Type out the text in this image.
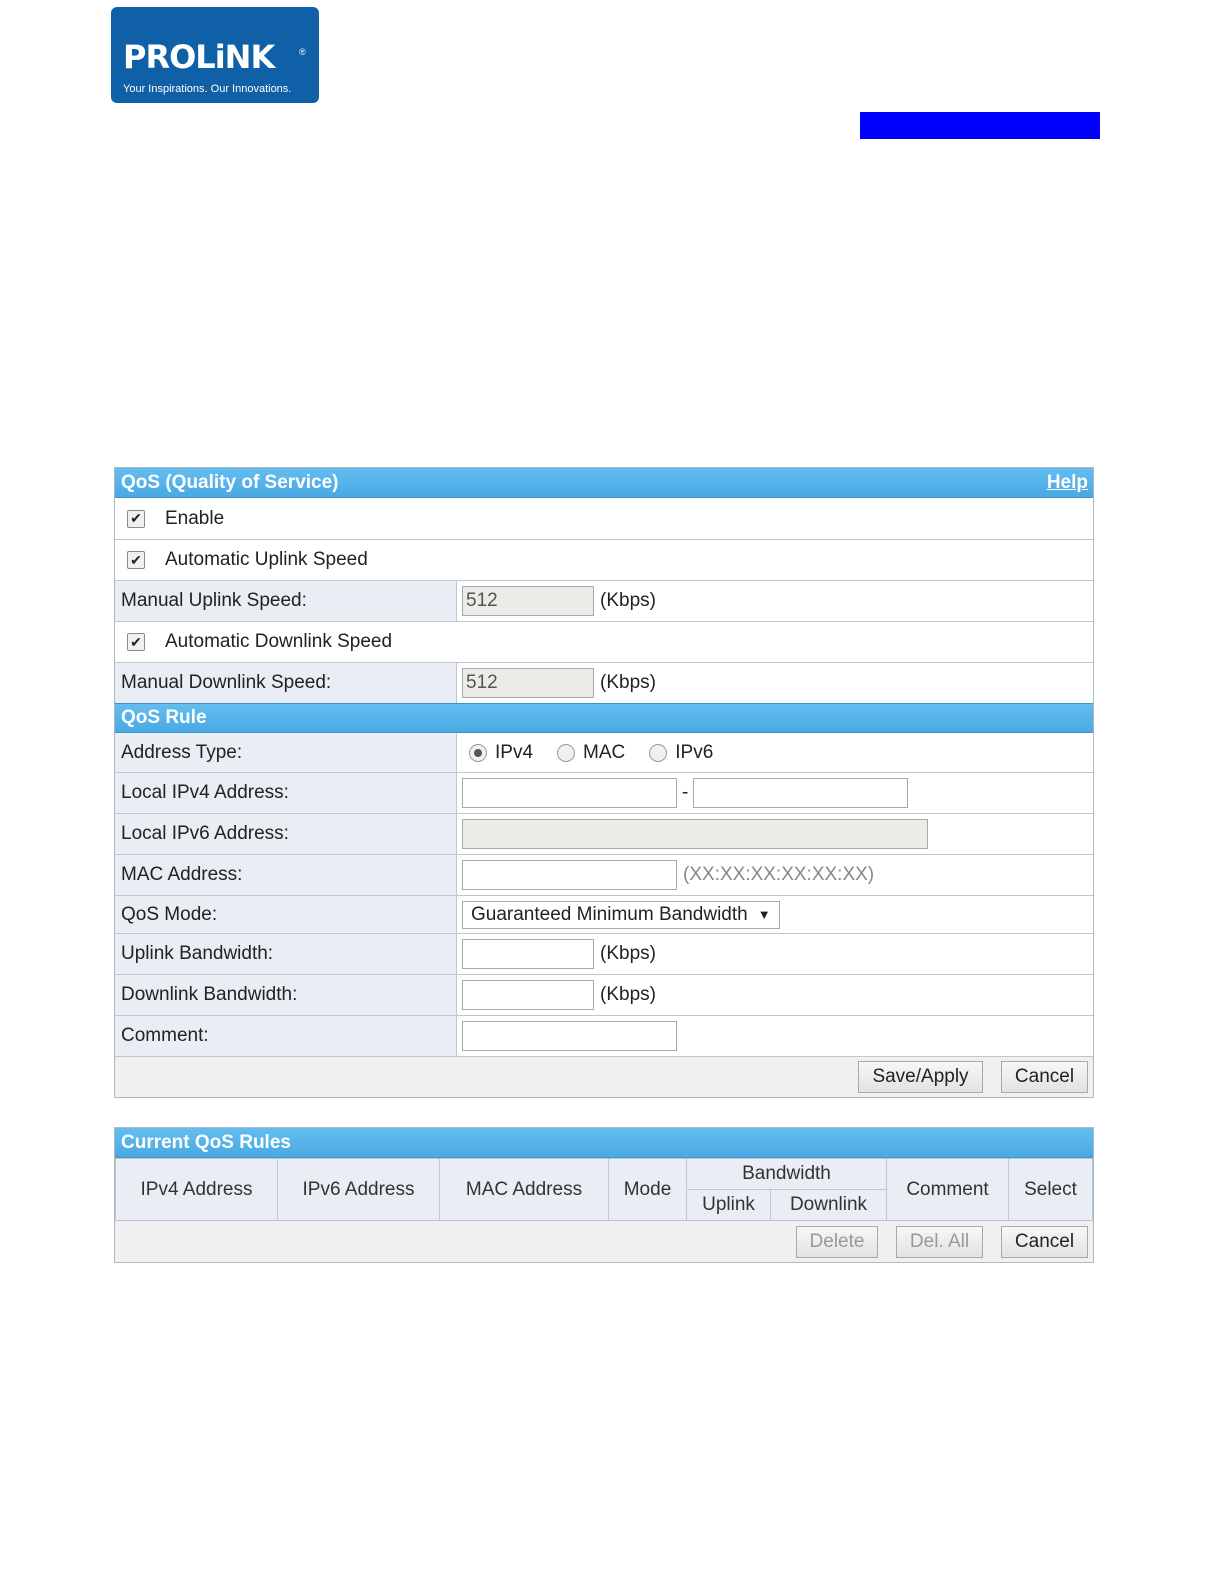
PROLiNK	®
Your Inspirations. Our Innovations.
QoS (Quality of Service)	Help
✔ Enable
✔ Automatic Uplink Speed
Manual Uplink Speed:
512	(Kbps)
✔ Automatic Downlink Speed
Manual Downlink Speed:
512	(Kbps)
QoS Rule
Address Type:	IPv4	MAC	IPv6
Local IPv4 Address:	-
Local IPv6 Address:
MAC Address:	(XX:XX:XX:XX:XX:XX)
QoS Mode:	Guaranteed Minimum Bandwidth ▼
Uplink Bandwidth:	(Kbps)
Downlink Bandwidth:	(Kbps)
Comment:
Save/Apply	Cancel
Current QoS Rules
IPv4 Address	IPv6 Address	MAC Address	Mode	Bandwidth		Comment	Select
				Uplink	Downlink		
Delete	Del. All	Cancel
